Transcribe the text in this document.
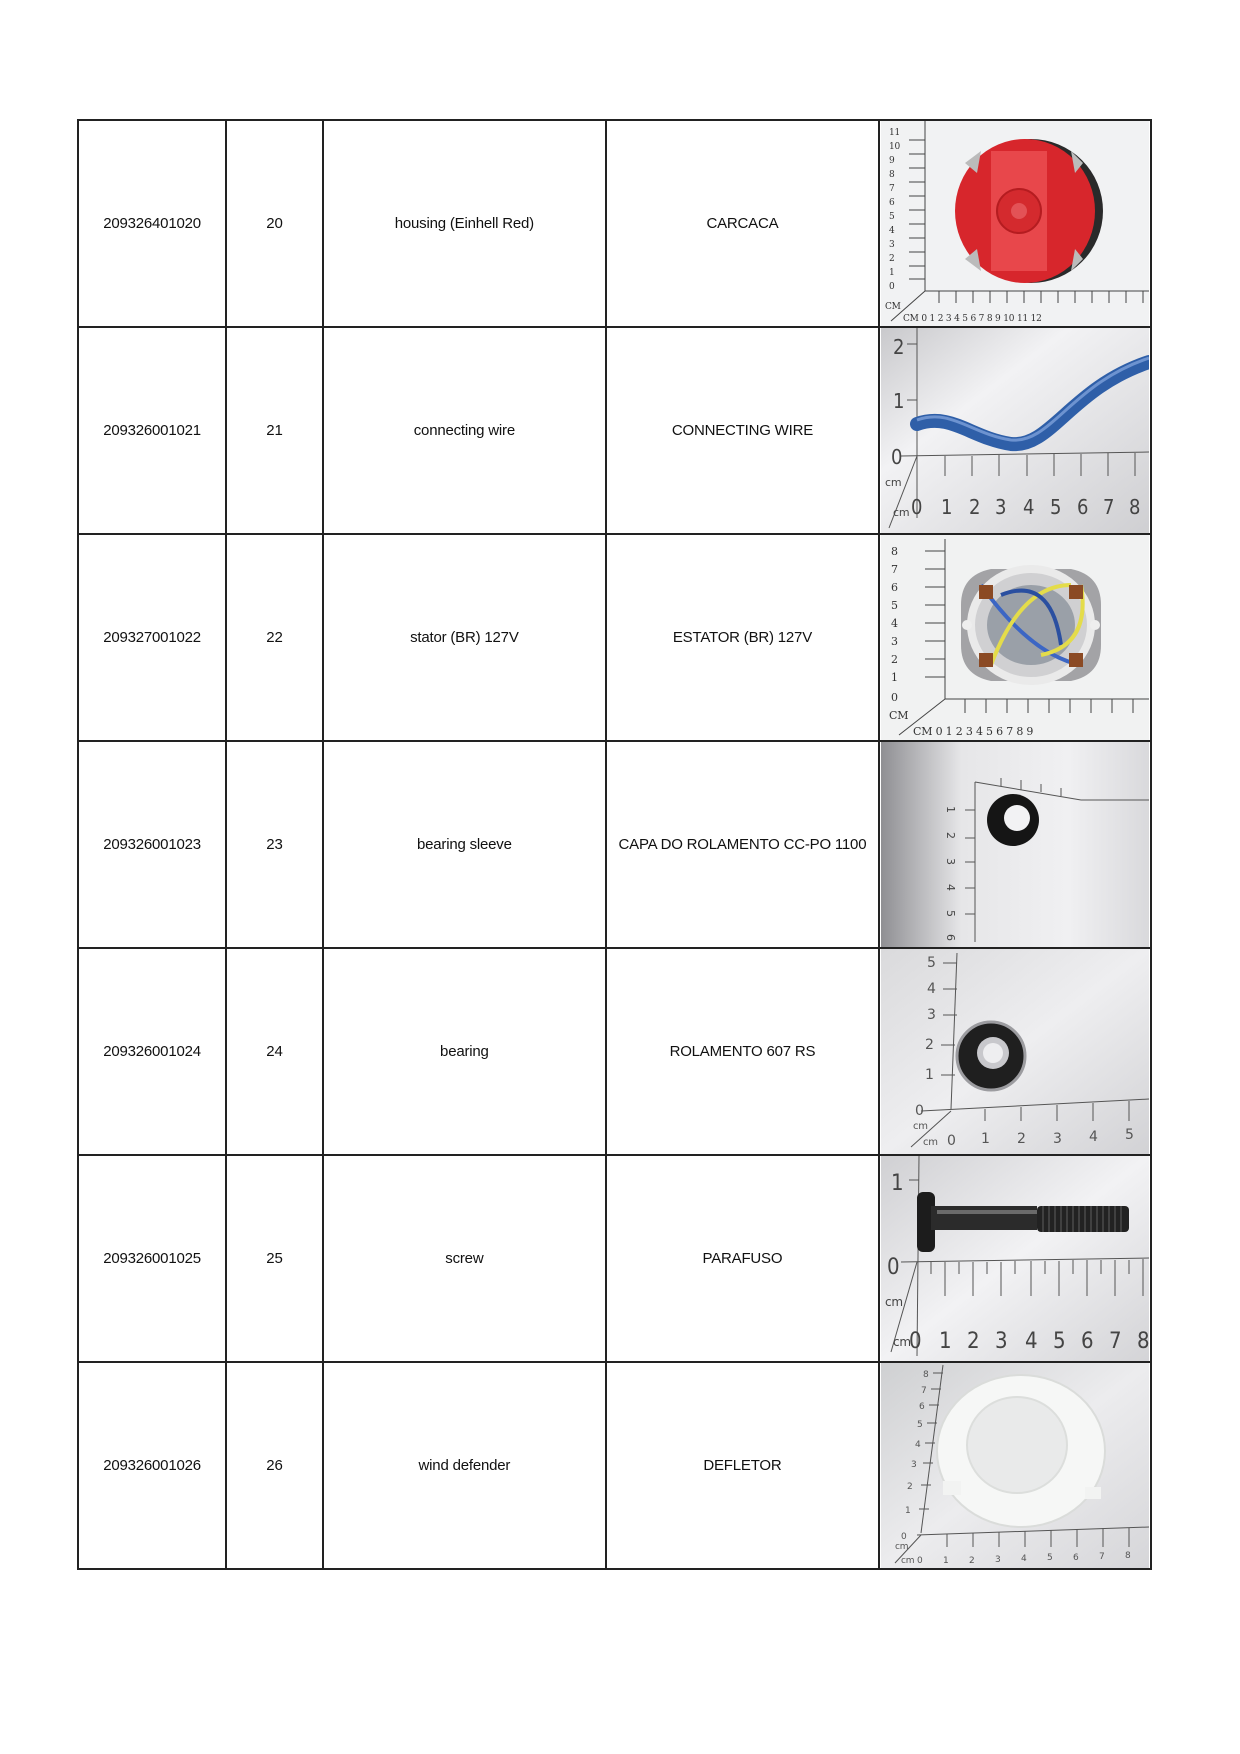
209326401020	20	housing (Einhell Red)	CARCACA	
11
10
9
8
7
6
5
4
3
2
1
0
CM
CM 0 1 2 3 4 5 6 7 8 9 10 11 12

209326001021	21	connecting wire	CONNECTING WIRE	
2
1
0
0 1 2 3 4 5 6 7 8
cm
cm

209327001022	22	stator (BR) 127V	ESTATOR (BR) 127V	
8
7
6
5
4
3
2
1
0
CM
CM 0 1 2 3 4 5 6 7 8 9

209326001023	23	bearing sleeve	CAPA DO ROLAMENTO CC-PO 1100	
1
2
3
4
5
6

209326001024	24	bearing	ROLAMENTO 607 RS	
5
4
3
2
1
0
0 1 2 3 4 5
cm
cm

209326001025	25	screw	PARAFUSO	
1
0
0 1 2 3 4 5 6 7 8
cm
cm

209326001026	26	wind defender	DEFLETOR	
8
7
6
5
4
3
2
1
0
0 1 2 3 4 5 6 7 8
cm
cm
